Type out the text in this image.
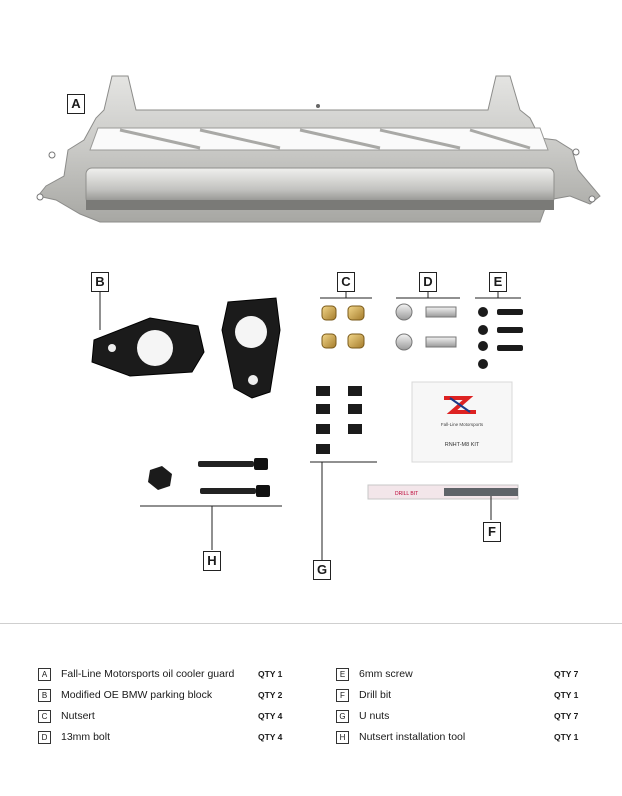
Fall-Line Motorsports
RNHT-M8 KIT
DRILL BIT
A
B	C	D	E
F
G
H
A	Fall-Line Motorsports oil cooler guard	QTY 1
B	Modified OE BMW parking block	QTY 2
C	Nutsert	QTY 4
D	13mm bolt	QTY 4
E	6mm screw	QTY 7
F	Drill bit	QTY 1
G	U nuts	QTY 7
H	Nutsert installation tool	QTY 1
